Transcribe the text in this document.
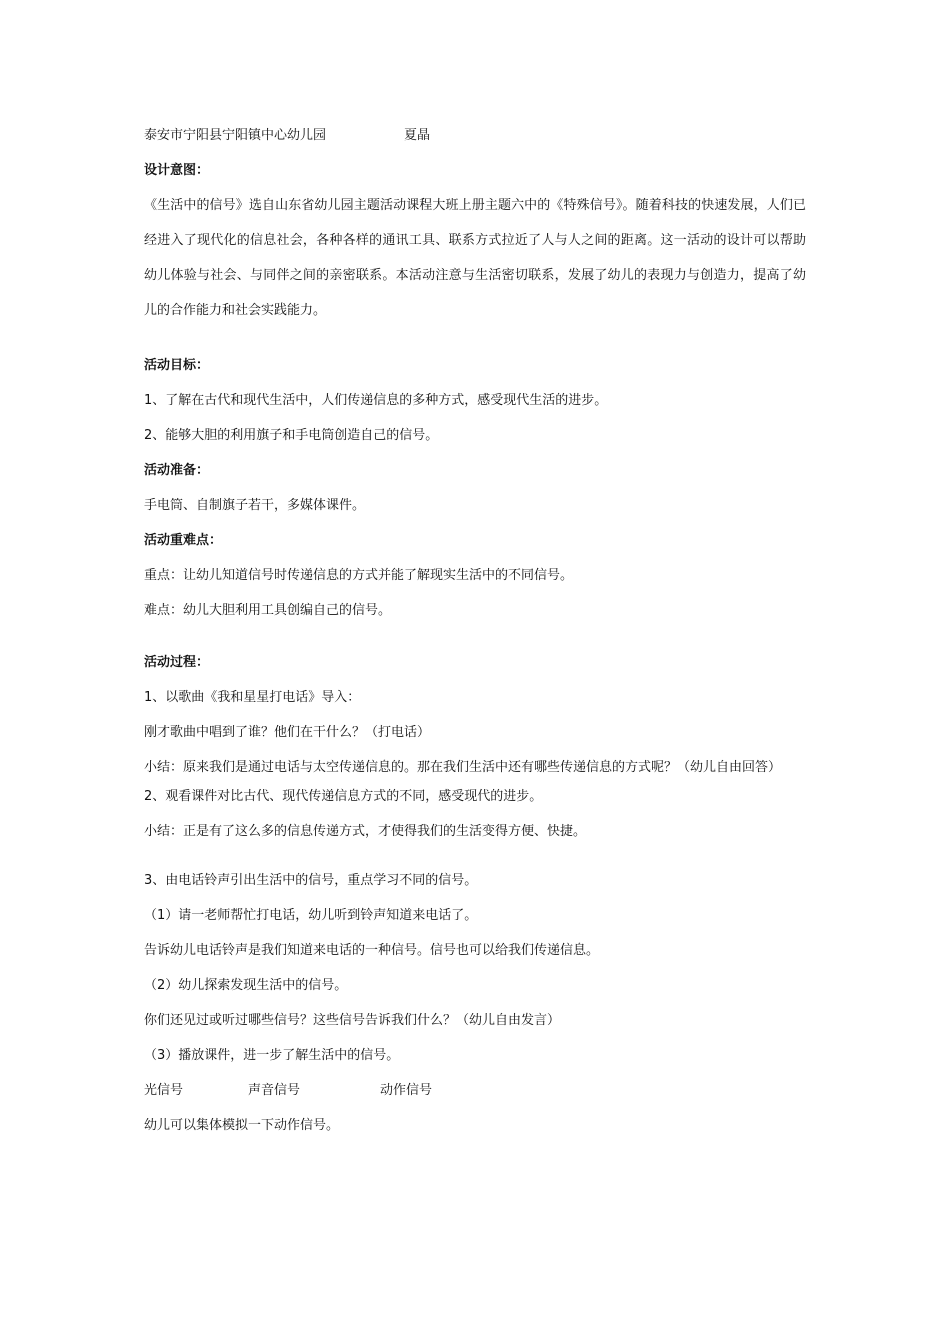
泰安市宁阳县宁阳镇中心幼儿园	夏晶
设计意图：
《生活中的信号》选自山东省幼儿园主题活动课程大班上册主题六中的《特殊信号》。随着科技的快速发展，人们已经进入了现代化的信息社会，各种各样的通讯工具、联系方式拉近了人与人之间的距离。这一活动的设计可以帮助幼儿体验与社会、与同伴之间的亲密联系。本活动注意与生活密切联系，发展了幼儿的表现力与创造力，提高了幼儿的合作能力和社会实践能力。
活动目标：
1、了解在古代和现代生活中，人们传递信息的多种方式，感受现代生活的进步。
2、能够大胆的利用旗子和手电筒创造自己的信号。
活动准备：
手电筒、自制旗子若干，多媒体课件。
活动重难点：
重点：让幼儿知道信号时传递信息的方式并能了解现实生活中的不同信号。
难点：幼儿大胆利用工具创编自己的信号。
活动过程：
1、以歌曲《我和星星打电话》导入：
刚才歌曲中唱到了谁？他们在干什么？（打电话）
小结：原来我们是通过电话与太空传递信息的。那在我们生活中还有哪些传递信息的方式呢？（幼儿自由回答）
2、观看课件对比古代、现代传递信息方式的不同，感受现代的进步。
小结：正是有了这么多的信息传递方式，才使得我们的生活变得方便、快捷。
3、由电话铃声引出生活中的信号，重点学习不同的信号。
（1）请一老师帮忙打电话，幼儿听到铃声知道来电话了。
告诉幼儿电话铃声是我们知道来电话的一种信号。信号也可以给我们传递信息。
（2）幼儿探索发现生活中的信号。
你们还见过或听过哪些信号？这些信号告诉我们什么？（幼儿自由发言）
（3）播放课件，进一步了解生活中的信号。
光信号	声音信号	动作信号
幼儿可以集体模拟一下动作信号。
